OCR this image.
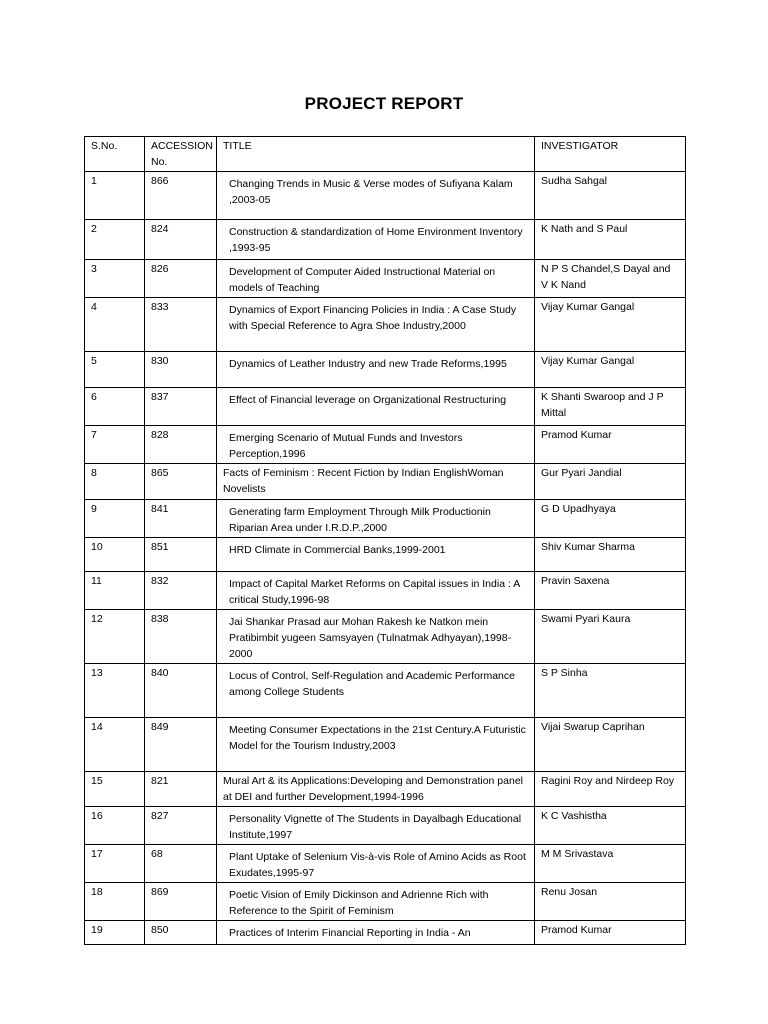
PROJECT REPORT
S.No.	ACCESSION No.	TITLE	INVESTIGATOR
1	866	Changing Trends in Music & Verse modes of Sufiyana Kalam ,2003-05	Sudha Sahgal
2	824	Construction & standardization of Home Environment Inventory ,1993-95	K Nath and S Paul
3	826	Development of Computer Aided Instructional Material on models of Teaching	N P S Chandel,S Dayal and V K Nand
4	833	Dynamics of Export Financing Policies in India : A Case Study with Special Reference to Agra Shoe Industry,2000	Vijay Kumar Gangal
5	830	Dynamics of Leather Industry and new Trade Reforms,1995	Vijay Kumar Gangal
6	837	Effect of Financial leverage on Organizational Restructuring	K Shanti Swaroop and J P Mittal
7	828	Emerging Scenario of Mutual Funds and Investors Perception,1996	Pramod Kumar
8	865	Facts of Feminism : Recent Fiction by Indian EnglishWoman Novelists	Gur Pyari Jandial
9	841	Generating farm Employment Through Milk Productionin Riparian Area under I.R.D.P.,2000	G D Upadhyaya
10	851	HRD Climate in Commercial Banks,1999-2001	Shiv Kumar Sharma
11	832	Impact of Capital Market Reforms on Capital issues in India : A critical Study,1996-98	Pravin Saxena
12	838	Jai Shankar Prasad aur Mohan Rakesh ke Natkon mein Pratibimbit yugeen Samsyayen (Tulnatmak Adhyayan),1998-2000	Swami Pyari Kaura
13	840	Locus of Control, Self-Regulation and Academic Performance among College Students	S P Sinha
14	849	Meeting Consumer Expectations in the 21st Century.A Futuristic Model for the Tourism Industry,2003	Vijai Swarup Caprihan
15	821	Mural Art & its Applications:Developing and Demonstration panel at DEI and further Development,1994-1996	Ragini Roy and Nirdeep Roy
16	827	Personality Vignette of The Students in Dayalbagh Educational Institute,1997	K C Vashistha
17	68	Plant Uptake of Selenium Vis-à-vis Role of Amino Acids as Root Exudates,1995-97	M M Srivastava
18	869	Poetic Vision of Emily Dickinson and Adrienne Rich with Reference to the Spirit of Feminism	Renu Josan
19	850	Practices of Interim Financial Reporting in India - An	Pramod Kumar
